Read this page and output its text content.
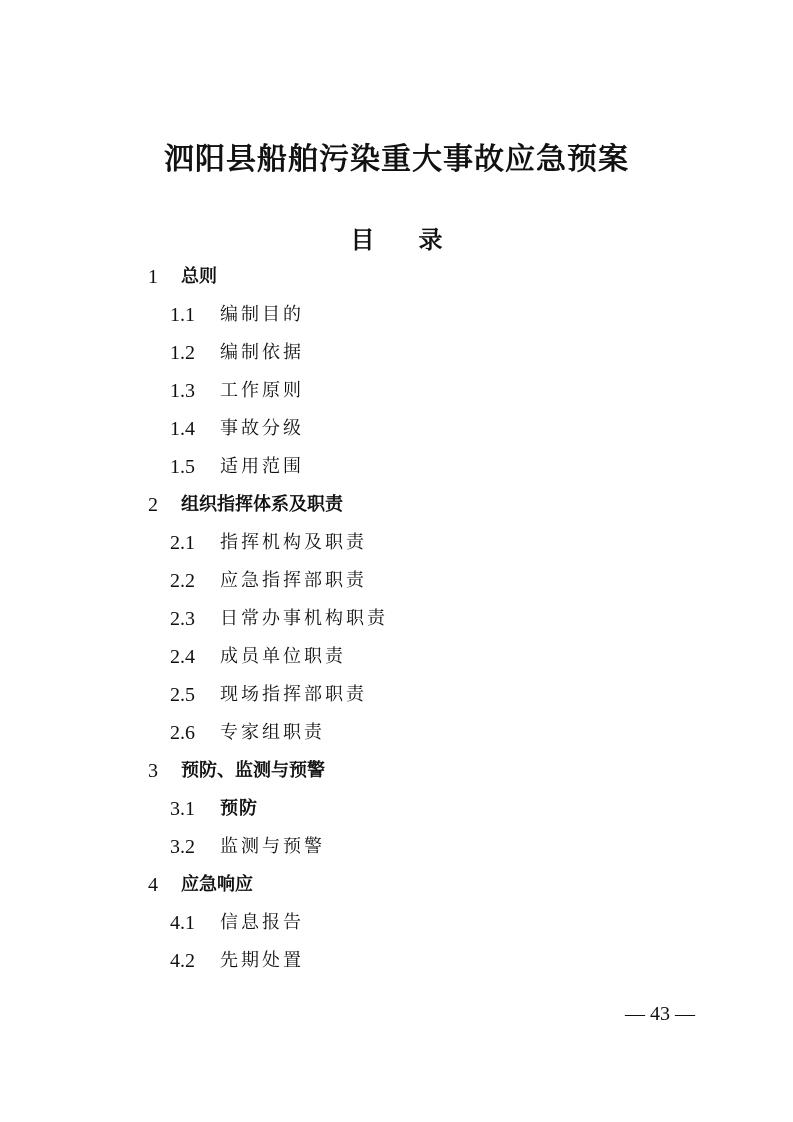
泗阳县船舶污染重大事故应急预案
目 录
1 总则
1.1 编制目的
1.2 编制依据
1.3 工作原则
1.4 事故分级
1.5 适用范围
2 组织指挥体系及职责
2.1 指挥机构及职责
2.2 应急指挥部职责
2.3 日常办事机构职责
2.4 成员单位职责
2.5 现场指挥部职责
2.6 专家组职责
3 预防、监测与预警
3.1 预防
3.2 监测与预警
4 应急响应
4.1 信息报告
4.2 先期处置
— 43 —
